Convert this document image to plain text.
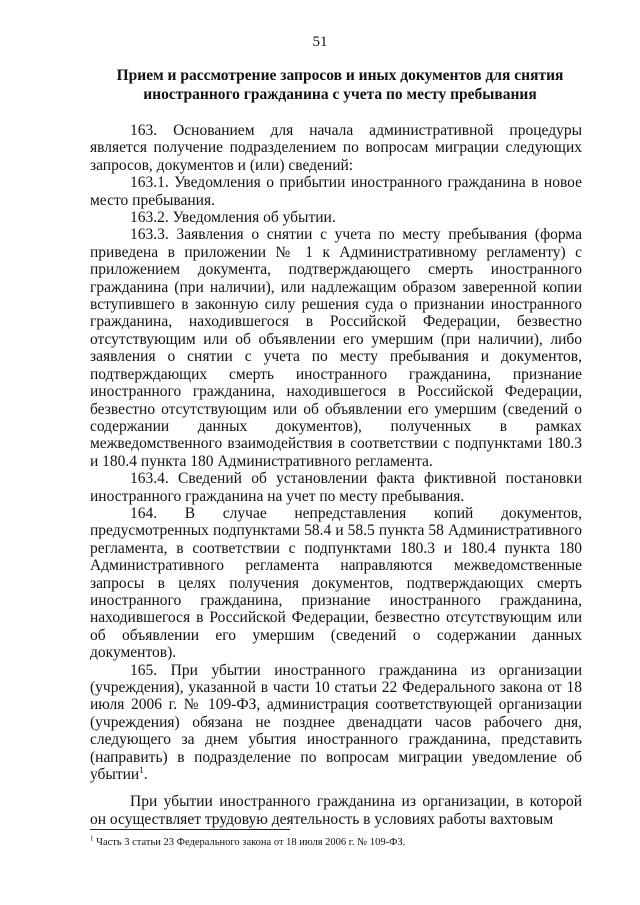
51
Прием и рассмотрение запросов и иных документов для снятия иностранного гражданина с учета по месту пребывания

163. Основанием для начала административной процедуры является получение подразделением по вопросам миграции следующих запросов, документов и (или) сведений:

163.1. Уведомления о прибытии иностранного гражданина в новое место пребывания.

163.2. Уведомления об убытии.

163.3. Заявления о снятии с учета по месту пребывания (форма приведена в приложении № 1 к Административному регламенту) с приложением документа, подтверждающего смерть иностранного гражданина (при наличии), или надлежащим образом заверенной копии вступившего в законную силу решения суда о признании иностранного гражданина, находившегося в Российской Федерации, безвестно отсутствующим или об объявлении его умершим (при наличии), либо заявления о снятии с учета по месту пребывания и документов, подтверждающих смерть иностранного гражданина, признание иностранного гражданина, находившегося в Российской Федерации, безвестно отсутствующим или об объявлении его умершим (сведений о содержании данных документов), полученных в рамках межведомственного взаимодействия в соответствии с подпунктами 180.3 и 180.4 пункта 180 Административного регламента.

163.4. Сведений об установлении факта фиктивной постановки иностранного гражданина на учет по месту пребывания.

164. В случае непредставления копий документов, предусмотренных подпунктами 58.4 и 58.5 пункта 58 Административного регламента, в соответствии с подпунктами 180.3 и 180.4 пункта 180 Административного регламента направляются межведомственные запросы в целях получения документов, подтверждающих смерть иностранного гражданина, признание иностранного гражданина, находившегося в Российской Федерации, безвестно отсутствующим или об объявлении его умершим (сведений о содержании данных документов).

165. При убытии иностранного гражданина из организации (учреждения), указанной в части 10 статьи 22 Федерального закона от 18 июля 2006 г. № 109-ФЗ, администрация соответствующей организации (учреждения) обязана не позднее двенадцати часов рабочего дня, следующего за днем убытия иностранного гражданина, представить (направить) в подразделение по вопросам миграции уведомление об убытии$^1$.

При убытии иностранного гражданина из организации, в которой он осуществляет трудовую деятельность в условиях работы вахтовым

$^1$ Часть 3 статьи 23 Федерального закона от 18 июля 2006 г. № 109-ФЗ.
